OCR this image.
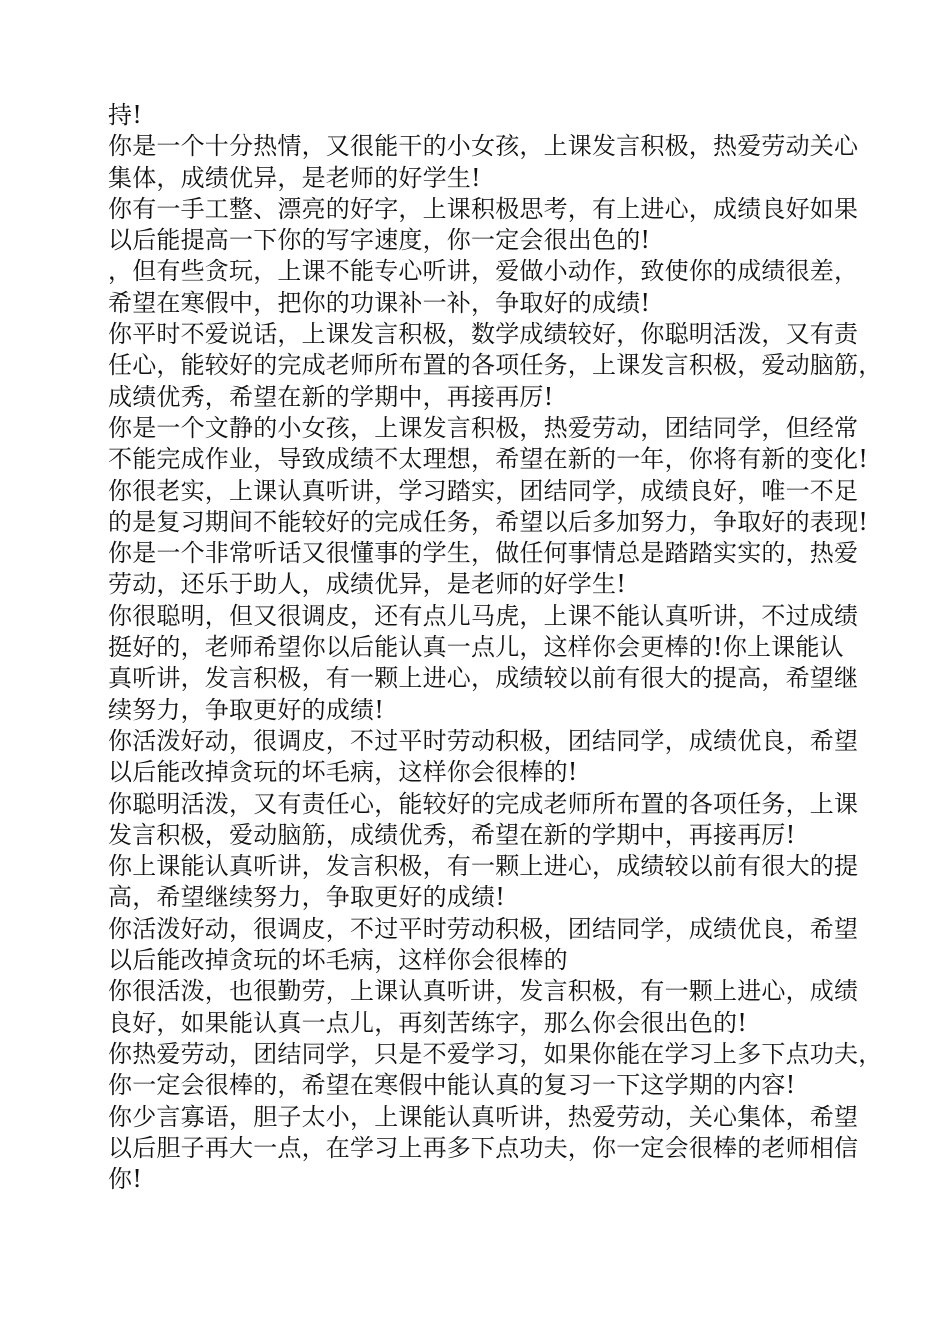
持!
你是一个十分热情，又很能干的小女孩，上课发言积极，热爱劳动关心
集体，成绩优异，是老师的好学生!
你有一手工整、漂亮的好字，上课积极思考，有上进心，成绩良好如果
以后能提高一下你的写字速度，你一定会很出色的!
，但有些贪玩，上课不能专心听讲，爱做小动作，致使你的成绩很差，
希望在寒假中，把你的功课补一补，争取好的成绩!
你平时不爱说话，上课发言积极，数学成绩较好，你聪明活泼，又有责
任心，能较好的完成老师所布置的各项任务，上课发言积极，爱动脑筋，
成绩优秀，希望在新的学期中，再接再厉!
你是一个文静的小女孩，上课发言积极，热爱劳动，团结同学，但经常
不能完成作业，导致成绩不太理想，希望在新的一年，你将有新的变化!
你很老实，上课认真听讲，学习踏实，团结同学，成绩良好，唯一不足
的是复习期间不能较好的完成任务，希望以后多加努力，争取好的表现!
你是一个非常听话又很懂事的学生，做任何事情总是踏踏实实的，热爱
劳动，还乐于助人，成绩优异，是老师的好学生!
你很聪明，但又很调皮，还有点儿马虎，上课不能认真听讲，不过成绩
挺好的，老师希望你以后能认真一点儿，这样你会更棒的!你上课能认
真听讲，发言积极，有一颗上进心，成绩较以前有很大的提高，希望继
续努力，争取更好的成绩!
你活泼好动，很调皮，不过平时劳动积极，团结同学，成绩优良，希望
以后能改掉贪玩的坏毛病，这样你会很棒的!
你聪明活泼，又有责任心，能较好的完成老师所布置的各项任务，上课
发言积极，爱动脑筋，成绩优秀，希望在新的学期中，再接再厉!
你上课能认真听讲，发言积极，有一颗上进心，成绩较以前有很大的提
高，希望继续努力，争取更好的成绩!
你活泼好动，很调皮，不过平时劳动积极，团结同学，成绩优良，希望
以后能改掉贪玩的坏毛病，这样你会很棒的
你很活泼，也很勤劳，上课认真听讲，发言积极，有一颗上进心，成绩
良好，如果能认真一点儿，再刻苦练字，那么你会很出色的!
你热爱劳动，团结同学，只是不爱学习，如果你能在学习上多下点功夫，
你一定会很棒的，希望在寒假中能认真的复习一下这学期的内容!
你少言寡语，胆子太小，上课能认真听讲，热爱劳动，关心集体，希望
以后胆子再大一点，在学习上再多下点功夫，你一定会很棒的老师相信
你!
